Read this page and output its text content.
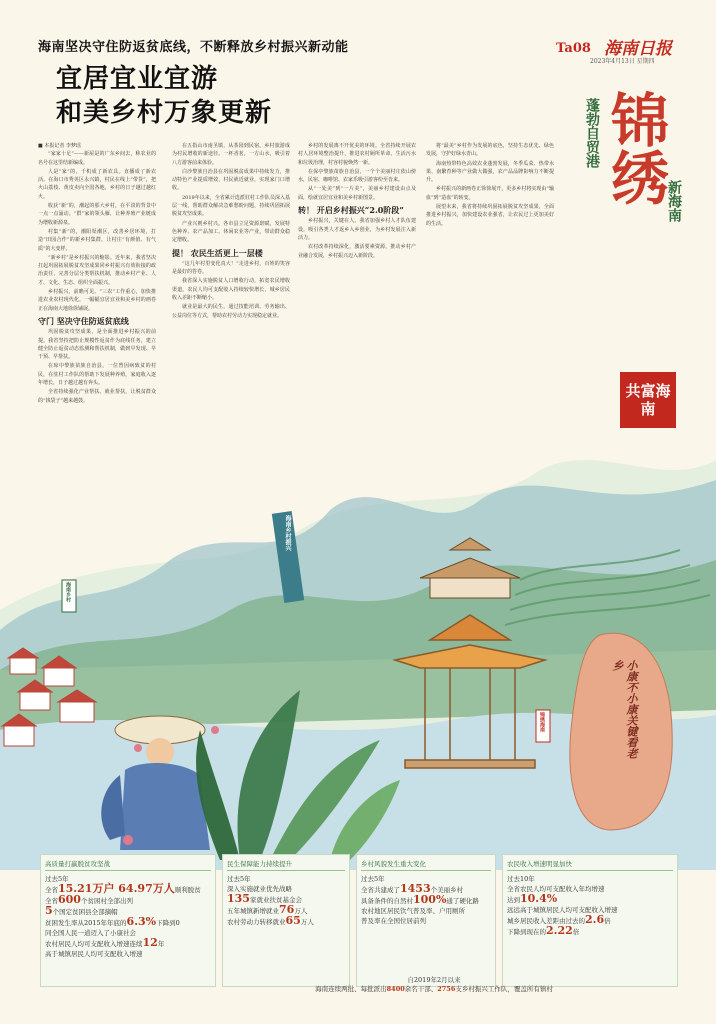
海南坚决守住防返贫底线，不断释放乡村振兴新动能
宜居宜业宜游
和美乡村万象更新
Ta08 海南日报
2023年4月13日 星期四
蓬勃自贸港 锦绣
新海南
共富海南
■ 本报记者 李梦瑶

“家家十足”——新屋是的广东乡间去，称农业的名号在这里结新编成。

人是“家”的，千机成了新农具。直播成了新农活。在海口市秀英区永兴镇，村民在线上“带货”，把火山荔枝、黄皮卖向全国各地，乡村的日子越过越红火。

收获“新”的，潮起的那大乡村，在平淡的背景中一点一点涌动。“群”家的领头雁，让种养殖产业链成为增收新源泉。

村集“新”的，潮阳渠潮区，改善乡居环境，打造“田园合作”的新乡村集群，让村庄“有颜值、有气质”的大变样。

“新乡村”是乡村振兴的缩影。近年来，我省坚决扛起巩固拓展脱贫攻坚成果同乡村振兴有效衔接的政治责任，完善分层分类帮扶机制，推动乡村产业、人才、文化、生态、组织全面振兴。

乡村振兴，前瞻可见。“三农”工作重心，加快推进农业农村现代化，一幅幅宜居宜业和美乡村的画卷正在海南大地徐徐铺展。

守门 坚决守住防返贫底线

巩固脱贫攻坚成果，是全面推进乡村振兴的前提。我省坚持把防止规模性返贫作为底线任务，建立健全防止返贫动态监测和帮扶机制，做到早发现、早干预、早帮扶。

在琼中黎族苗族自治县，一位曾因病致贫的村民，在驻村工作队的帮助下发展种养殖，家庭收入逐年增长，日子越过越有奔头。

全省持续强化产业帮扶、就业帮扶，让脱贫群众的“钱袋子”越来越鼓。

在五指山市南圣镇，从茶园到民宿，乡村旅游成为村民增收的新途径。一杯香茗，一方山水，吸引着八方游客前来体验。

白沙黎族自治县在巩固脱贫成果中持续发力，推动特色产业提质增效，村民就近就业，实现家门口增收。

2019年以来，全省累计选派驻村工作队员深入基层一线，帮助群众解决急难愁盼问题，持续巩固拓展脱贫攻坚成果。

产业兴则乡村兴。各市县立足资源禀赋，发展特色种养、农产品加工、休闲农业等产业，带动群众稳定增收。

提！ 农民生活更上一层楼

“这几年村里变化真大！”走进乡村，百姓的笑容是最好的答卷。

我省深入实施脱贫人口增收行动，拓宽农民增收渠道，农民人均可支配收入持续较快增长，城乡居民收入差距不断缩小。

就业是最大的民生。通过技能培训、劳务输出、公益岗位等方式，帮助农村劳动力实现稳定就业。

乡村的发展离不开优美的环境。全省持续开展农村人居环境整治提升，推进农村厕所革命、生活污水和垃圾治理，村容村貌焕然一新。

在保亭黎族苗族自治县，一个个美丽村庄依山傍水，民宿、咖啡馆、农家乐吸引游客纷至沓来。

从“一处美”到“一片美”，美丽乡村建设由点及面，绘就宜居宜业和美乡村新图景。

转！ 开启乡村振兴“2.0阶段”

乡村振兴，关键在人。我省加强乡村人才队伍建设，吸引各类人才返乡入乡创业，为乡村发展注入新活力。

农村改革持续深化，激活要素资源，推动乡村产业融合发展，乡村振兴迈入新阶段。

将“最美”乡村作为发展的底色，坚持生态优先、绿色发展，守护好绿水青山。

海南热带特色高效农业蓬勃发展，冬季瓜菜、热带水果、南繁育种等产业做大做强，农产品品牌影响力不断提升。

乡村振兴的新画卷正徐徐展开，更多乡村将实现由“输血”到“造血”的转变。

展望未来，我省将持续巩固拓展脱贫攻坚成果，全面推进乡村振兴，加快建设农业强省，让农民过上更加美好的生活。

海南乡村振兴
海南乡村
锦绣海南	小康不小康关键看老乡
高质量打赢脱贫攻坚战
过去5年
全省15.21万户 64.97万人顺利脱贫
全省600个贫困村全部出列
5个国定贫困县全部摘帽
贫困发生率从2015年年底的6.3%下降到0
同全国人民一道迈入了小康社会
农村居民人均可支配收入增速连续12年
高于城镇居民人均可支配收入增速
民生保障能力持续提升
过去5年
深入实施就业优先战略
135家就业扶贫基金会
五年城镇新增就业76万人
农村劳动力转移就业65万人
乡村风貌发生重大变化
过去5年
全省共建成了1453个美丽乡村
具备条件的自然村100%通了硬化路
农村地区居民饮气普及率、户用厕所
普及率在全国位居前列
农民收入增速明显加快
过去10年
全省农民人均可支配收入年均增速
达到10.4%
远远高于城镇居民人均可支配收入增速
城乡居民收入差距由过去的2.6倍
下降到现在的2.22倍
自2019年2月以来
海南连续两批、每批派出8400余名干部、2756支乡村振兴工作队，覆盖所有镇村
